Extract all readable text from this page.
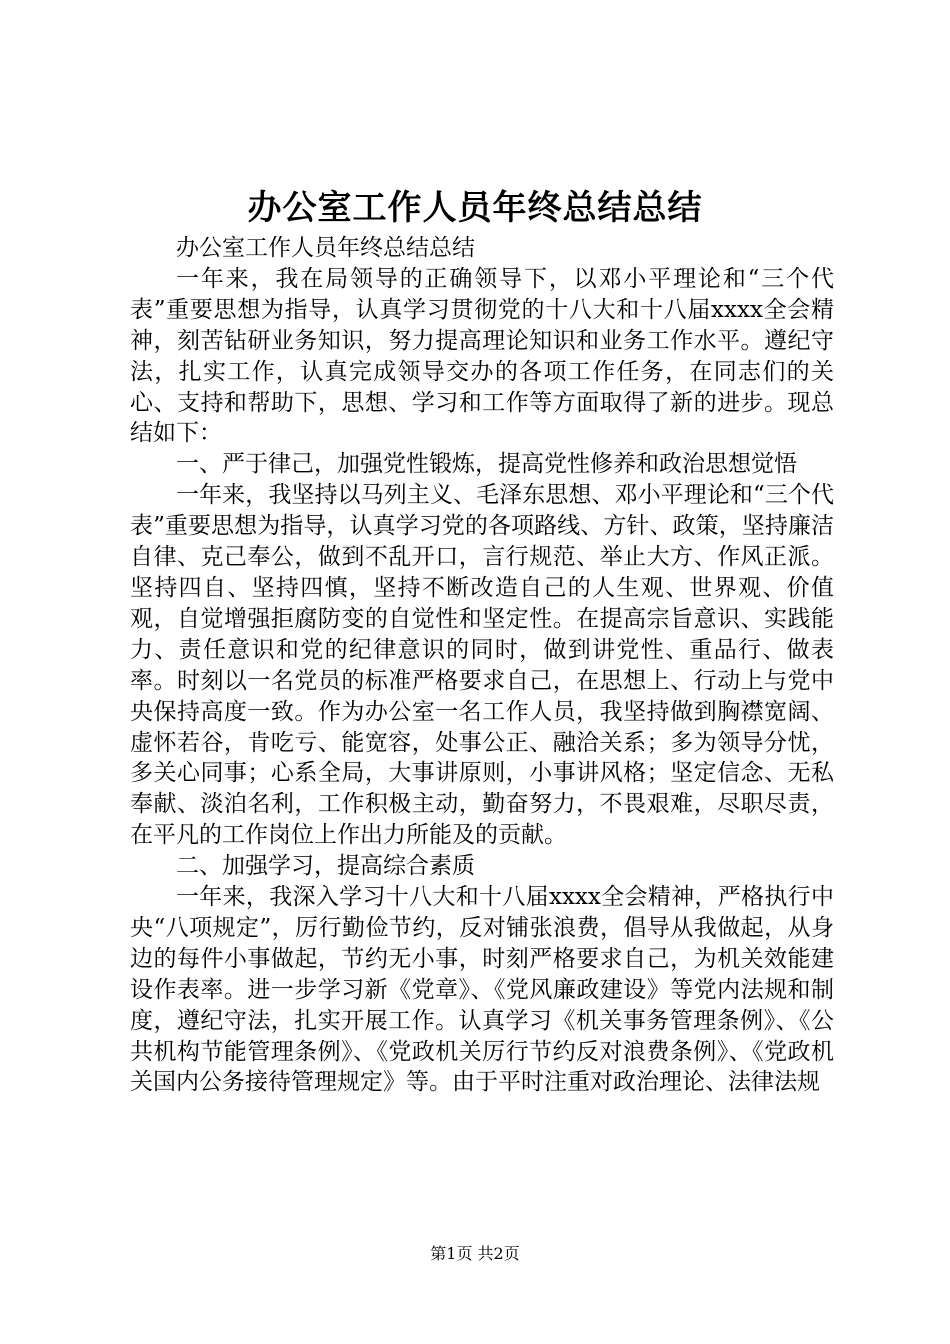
办公室工作人员年终总结总结

办公室工作人员年终总结总结

一年来，我在局领导的正确领导下，以邓小平理论和“三个代表”重要思想为指导，认真学习贯彻党的十八大和十八届xxxx全会精神，刻苦钻研业务知识，努力提高理论知识和业务工作水平。遵纪守法，扎实工作，认真完成领导交办的各项工作任务，在同志们的关心、支持和帮助下，思想、学习和工作等方面取得了新的进步。现总结如下：

一、严于律己，加强党性锻炼，提高党性修养和政治思想觉悟

一年来，我坚持以马列主义、毛泽东思想、邓小平理论和“三个代表”重要思想为指导，认真学习党的各项路线、方针、政策，坚持廉洁自律、克己奉公，做到不乱开口，言行规范、举止大方、作风正派。坚持四自、坚持四慎，坚持不断改造自己的人生观、世界观、价值观，自觉增强拒腐防变的自觉性和坚定性。在提高宗旨意识、实践能力、责任意识和党的纪律意识的同时，做到讲党性、重品行、做表率。时刻以一名党员的标准严格要求自己，在思想上、行动上与党中央保持高度一致。作为办公室一名工作人员，我坚持做到胸襟宽阔、虚怀若谷，肯吃亏、能宽容，处事公正、融洽关系；多为领导分忧，多关心同事；心系全局，大事讲原则，小事讲风格；坚定信念、无私奉献、淡泊名利，工作积极主动，勤奋努力，不畏艰难，尽职尽责，在平凡的工作岗位上作出力所能及的贡献。

二、加强学习，提高综合素质

一年来，我深入学习十八大和十八届xxxx全会精神，严格执行中央“八项规定”，厉行勤俭节约，反对铺张浪费，倡导从我做起，从身边的每件小事做起，节约无小事，时刻严格要求自己，为机关效能建设作表率。进一步学习新《党章》、《党风廉政建设》等党内法规和制度，遵纪守法，扎实开展工作。认真学习《机关事务管理条例》、《公共机构节能管理条例》、《党政机关厉行节约反对浪费条例》、《党政机关国内公务接待管理规定》等。由于平时注重对政治理论、法律法规

第1页 共2页
